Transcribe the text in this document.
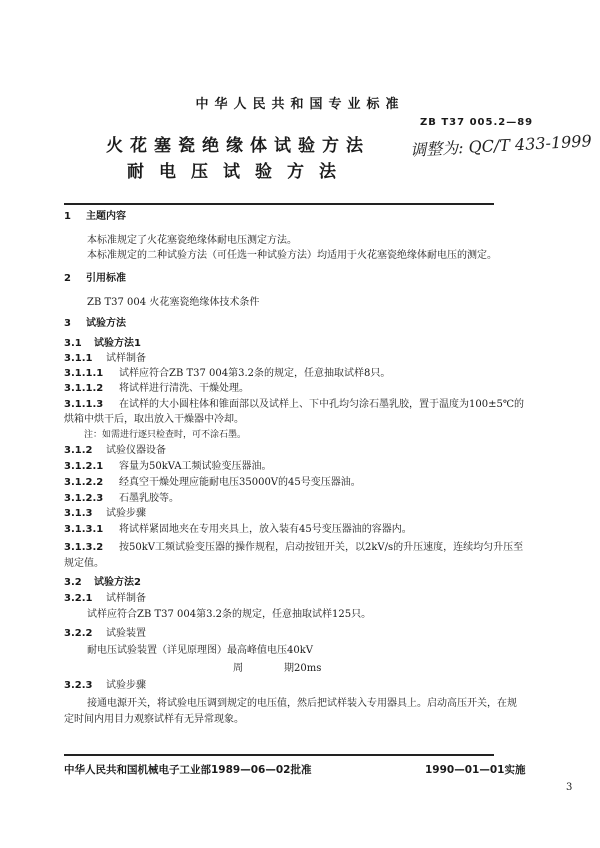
中华人民共和国专业标准
ZB T37 005.2—89
火花塞瓷绝缘体试验方法
耐电压试验方法
调整为: QC/T 433-1999
1 主题内容
本标准规定了火花塞瓷绝缘体耐电压测定方法。
本标准规定的二种试验方法（可任选一种试验方法）均适用于火花塞瓷绝缘体耐电压的测定。
2 引用标准
ZB T37 004 火花塞瓷绝缘体技术条件
3 试验方法
3.1 试验方法1
3.1.1 试样制备
3.1.1.1 试样应符合ZB T37 004第3.2条的规定，任意抽取试样8只。
3.1.1.2 将试样进行清洗、干燥处理。
3.1.1.3 在试样的大小圆柱体和锥面部以及试样上、下中孔均匀涂石墨乳胶，置于温度为100±5℃的
烘箱中烘干后，取出放入干燥器中冷却。
注：如需进行逐只检查时，可不涂石墨。
3.1.2 试验仪器设备
3.1.2.1 容量为50kVA工频试验变压器油。
3.1.2.2 经真空干燥处理应能耐电压35000V的45号变压器油。
3.1.2.3 石墨乳胶等。
3.1.3 试验步骤
3.1.3.1 将试样紧固地夹在专用夹具上，放入装有45号变压器油的容器内。
3.1.3.2 按50kV工频试验变压器的操作规程，启动按钮开关，以2kV/s的升压速度，连续均匀升压至
规定值。
3.2 试验方法2
3.2.1 试样制备
试样应符合ZB T37 004第3.2条的规定，任意抽取试样125只。
3.2.2 试验装置
耐电压试验装置（详见原理图）最高峰值电压40kV
周	期20ms
3.2.3 试验步骤
接通电源开关，将试验电压调到规定的电压值，然后把试样装入专用器具上。启动高压开关，在规
定时间内用目力观察试样有无异常现象。
中华人民共和国机械电子工业部1989—06—02批准	1990—01—01实施
3
